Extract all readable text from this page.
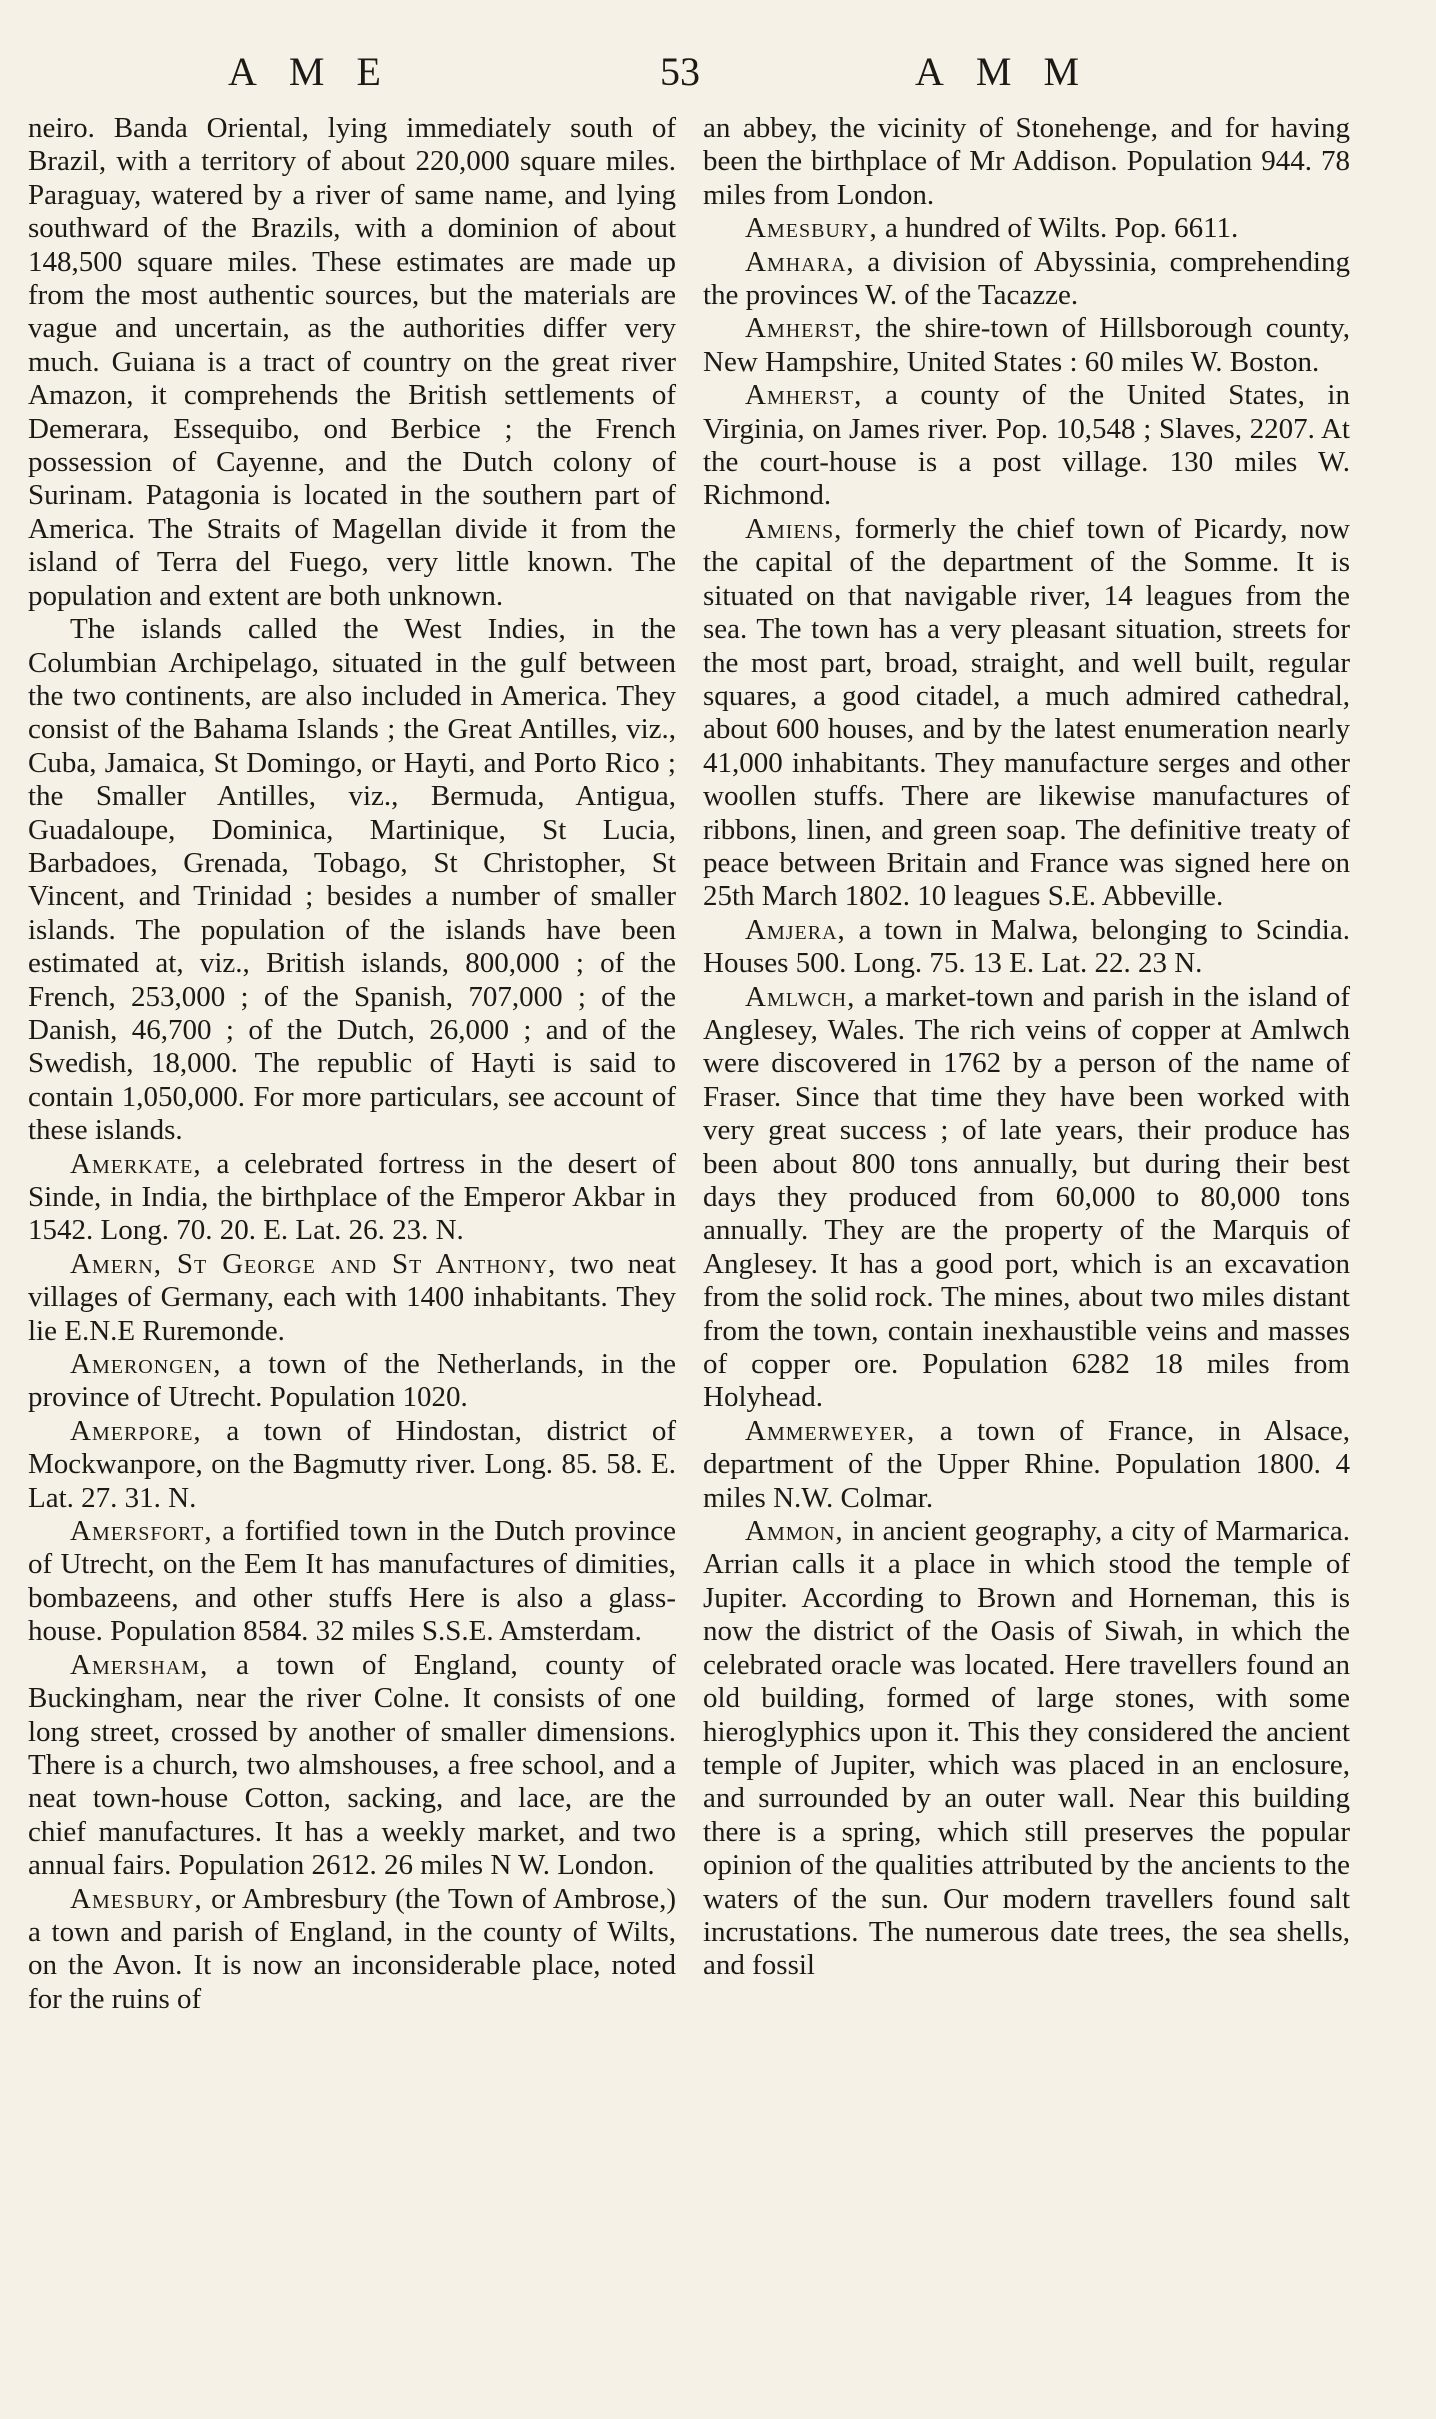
AME	53	AMM

neiro. Banda Oriental, lying immediately south of Brazil, with a territory of about 220,000 square miles. Paraguay, watered by a river of same name, and lying southward of the Brazils, with a dominion of about 148,500 square miles. These estimates are made up from the most authentic sources, but the materials are vague and uncertain, as the authorities differ very much. Guiana is a tract of country on the great river Amazon, it comprehends the British settlements of Demerara, Essequibo, ond Berbice ; the French possession of Cayenne, and the Dutch colony of Surinam. Patagonia is located in the southern part of America. The Straits of Magellan divide it from the island of Terra del Fuego, very little known. The population and extent are both unknown.

The islands called the West Indies, in the Columbian Archipelago, situated in the gulf between the two continents, are also included in America. They consist of the Bahama Islands ; the Great Antilles, viz., Cuba, Jamaica, St Domingo, or Hayti, and Porto Rico ; the Smaller Antilles, viz., Bermuda, Antigua, Guadaloupe, Dominica, Martinique, St Lucia, Barbadoes, Grenada, Tobago, St Christopher, St Vincent, and Trinidad ; besides a number of smaller islands. The population of the islands have been estimated at, viz., British islands, 800,000 ; of the French, 253,000 ; of the Spanish, 707,000 ; of the Danish, 46,700 ; of the Dutch, 26,000 ; and of the Swedish, 18,000. The republic of Hayti is said to contain 1,050,000. For more particulars, see account of these islands.

Amerkate, a celebrated fortress in the desert of Sinde, in India, the birthplace of the Emperor Akbar in 1542. Long. 70. 20. E. Lat. 26. 23. N.

Amern, St George and St Anthony, two neat villages of Germany, each with 1400 inhabitants. They lie E.N.E Ruremonde.

Amerongen, a town of the Netherlands, in the province of Utrecht. Population 1020.

Amerpore, a town of Hindostan, district of Mockwanpore, on the Bagmutty river. Long. 85. 58. E. Lat. 27. 31. N.

Amersfort, a fortified town in the Dutch province of Utrecht, on the Eem It has manufactures of dimities, bombazeens, and other stuffs Here is also a glass-house. Population 8584. 32 miles S.S.E. Amsterdam.

Amersham, a town of England, county of Buckingham, near the river Colne. It consists of one long street, crossed by another of smaller dimensions. There is a church, two almshouses, a free school, and a neat town-house Cotton, sacking, and lace, are the chief manufactures. It has a weekly market, and two annual fairs. Population 2612. 26 miles N W. London.

Amesbury, or Ambresbury (the Town of Ambrose,) a town and parish of England, in the county of Wilts, on the Avon. It is now an inconsiderable place, noted for the ruins of

an abbey, the vicinity of Stonehenge, and for having been the birthplace of Mr Addison. Population 944. 78 miles from London.

Amesbury, a hundred of Wilts. Pop. 6611.

Amhara, a division of Abyssinia, comprehending the provinces W. of the Tacazze.

Amherst, the shire-town of Hillsborough county, New Hampshire, United States : 60 miles W. Boston.

Amherst, a county of the United States, in Virginia, on James river. Pop. 10,548 ; Slaves, 2207. At the court-house is a post village. 130 miles W. Richmond.

Amiens, formerly the chief town of Picardy, now the capital of the department of the Somme. It is situated on that navigable river, 14 leagues from the sea. The town has a very pleasant situation, streets for the most part, broad, straight, and well built, regular squares, a good citadel, a much admired cathedral, about 600 houses, and by the latest enumeration nearly 41,000 inhabitants. They manufacture serges and other woollen stuffs. There are likewise manufactures of ribbons, linen, and green soap. The definitive treaty of peace between Britain and France was signed here on 25th March 1802. 10 leagues S.E. Abbeville.

Amjera, a town in Malwa, belonging to Scindia. Houses 500. Long. 75. 13 E. Lat. 22. 23 N.

Amlwch, a market-town and parish in the island of Anglesey, Wales. The rich veins of copper at Amlwch were discovered in 1762 by a person of the name of Fraser. Since that time they have been worked with very great success ; of late years, their produce has been about 800 tons annually, but during their best days they produced from 60,000 to 80,000 tons annually. They are the property of the Marquis of Anglesey. It has a good port, which is an excavation from the solid rock. The mines, about two miles distant from the town, contain inexhaustible veins and masses of copper ore. Population 6282 18 miles from Holyhead.

Ammerweyer, a town of France, in Alsace, department of the Upper Rhine. Population 1800. 4 miles N.W. Colmar.

Ammon, in ancient geography, a city of Marmarica. Arrian calls it a place in which stood the temple of Jupiter. According to Brown and Horneman, this is now the district of the Oasis of Siwah, in which the celebrated oracle was located. Here travellers found an old building, formed of large stones, with some hieroglyphics upon it. This they considered the ancient temple of Jupiter, which was placed in an enclosure, and surrounded by an outer wall. Near this building there is a spring, which still preserves the popular opinion of the qualities attributed by the ancients to the waters of the sun. Our modern travellers found salt incrustations. The numerous date trees, the sea shells, and fossil
